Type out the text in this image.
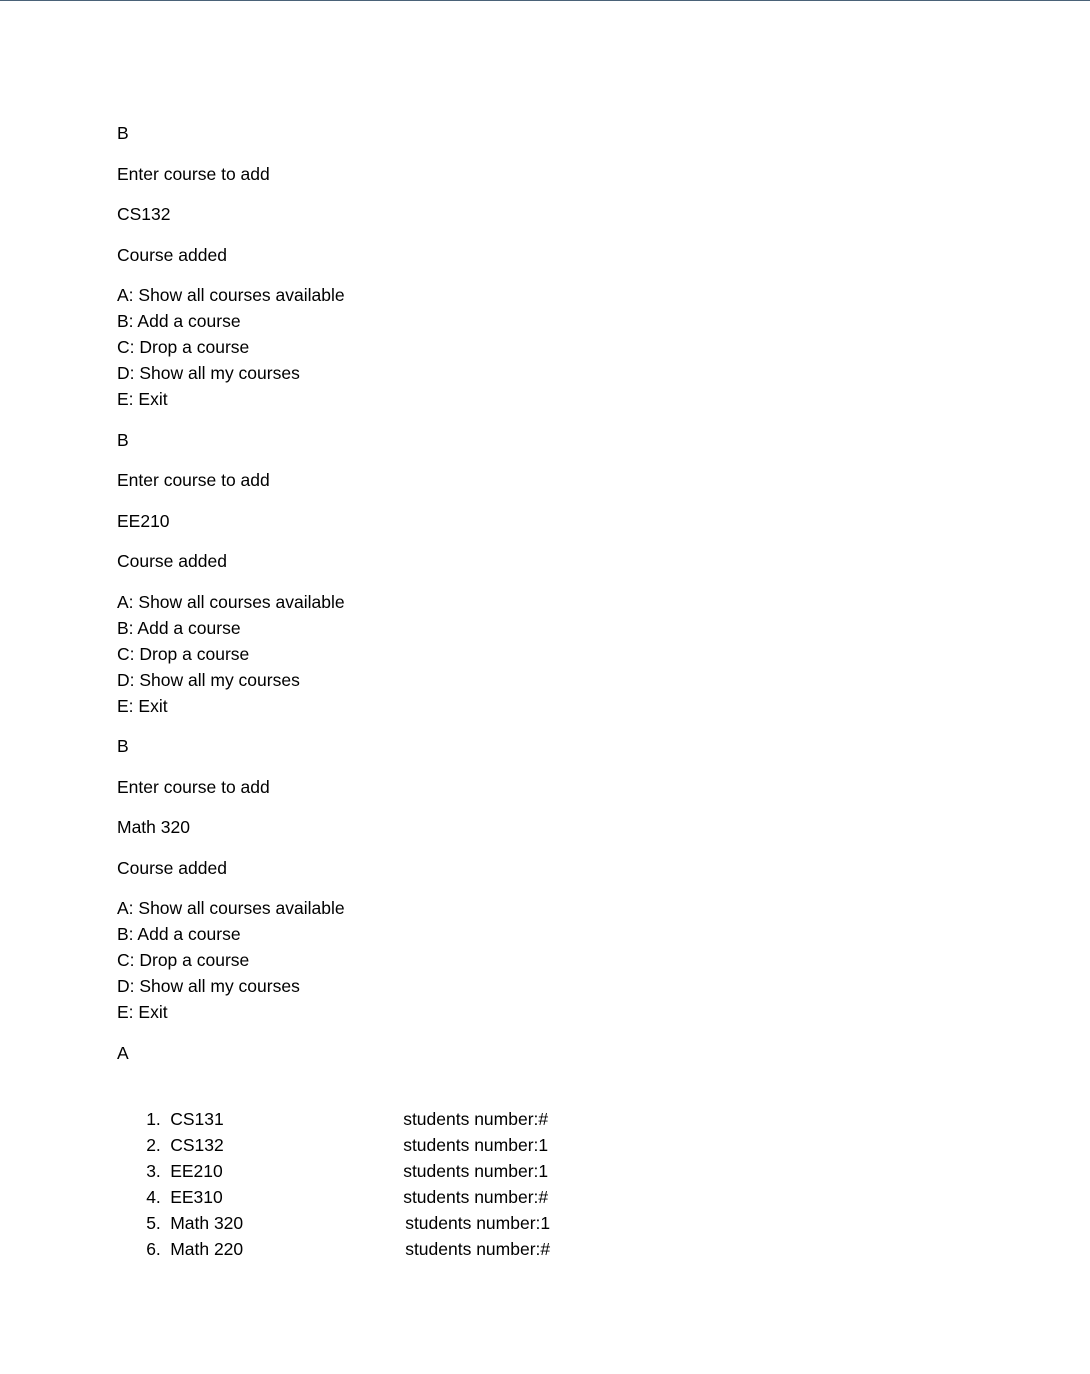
B
Enter course to add
CS132
Course added
A: Show all courses available
B: Add a course
C: Drop a course
D: Show all my courses
E: Exit
B
Enter course to add
EE210
Course added
A: Show all courses available
B: Add a course
C: Drop a course
D: Show all my courses
E: Exit
B
Enter course to add
Math 320
Course added
A: Show all courses available
B: Add a course
C: Drop a course
D: Show all my courses
E: Exit
A

1. CS131	students number:#

2. CS132	students number:1

3. EE210	students number:1

4. EE310	students number:#

5. Math 320	students number:1

6. Math 220	students number:#
